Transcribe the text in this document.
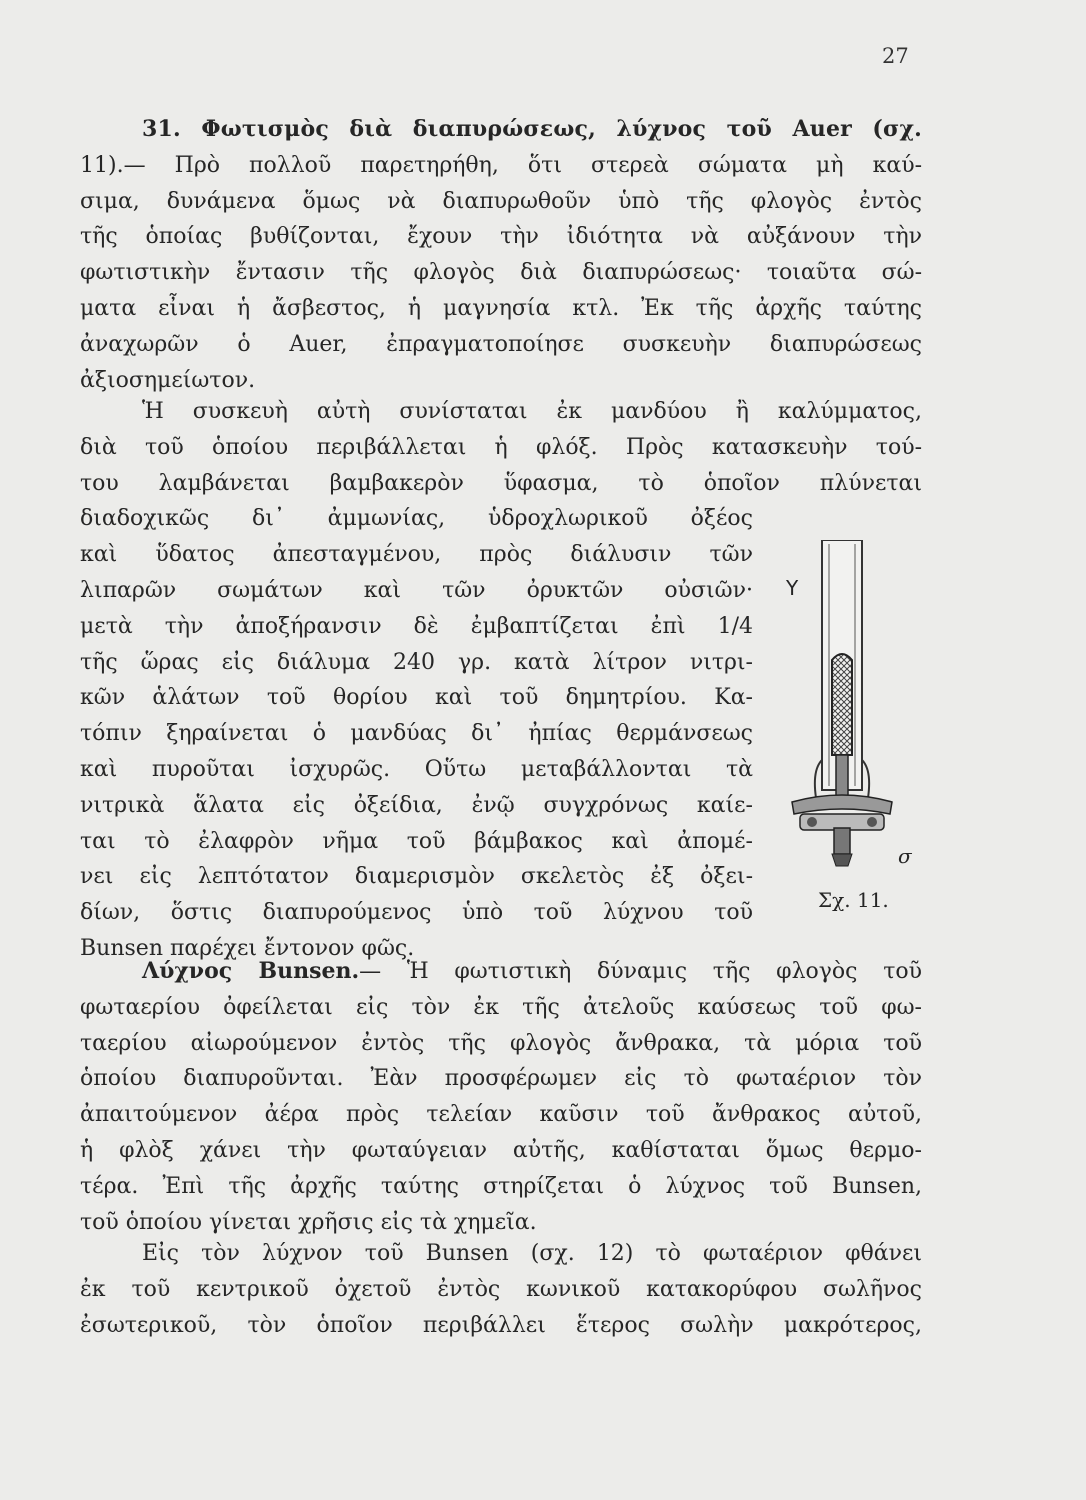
27
31. Φωτισμὸς διὰ διαπυρώσεως, λύχνος τοῦ Auer (σχ.
11).— Πρὸ πολλοῦ παρετηρήθη, ὅτι στερεὰ σώματα μὴ καύ-
σιμα, δυνάμενα ὅμως νὰ διαπυρωθοῦν ὑπὸ τῆς φλογὸς ἐντὸς
τῆς ὁποίας βυθίζονται, ἔχουν τὴν ἰδιότητα νὰ αὐξάνουν τὴν
φωτιστικὴν ἔντασιν τῆς φλογὸς διὰ διαπυρώσεως· τοιαῦτα σώ-
ματα εἶναι ἡ ἄσβεστος, ἡ μαγνησία κτλ. Ἐκ τῆς ἀρχῆς ταύτης
ἀναχωρῶν ὁ Auer, ἐπραγματοποίησε συσκευὴν διαπυρώσεως
ἀξιοσημείωτον.
Ἡ συσκευὴ αὐτὴ συνίσταται ἐκ μανδύου ἢ καλύμματος,
διὰ τοῦ ὁποίου περιβάλλεται ἡ φλόξ. Πρὸς κατασκευὴν τού-
του λαμβάνεται βαμβακερὸν ὕφασμα, τὸ ὁποῖον πλύνεται
διαδοχικῶς δι᾽ ἀμμωνίας, ὑδροχλωρικοῦ ὀξέος
καὶ ὕδατος ἀπεσταγμένου, πρὸς διάλυσιν τῶν
λιπαρῶν σωμάτων καὶ τῶν ὀρυκτῶν οὐσιῶν·
μετὰ τὴν ἀποξήρανσιν δὲ ἐμβαπτίζεται ἐπὶ 1/4
τῆς ὥρας εἰς διάλυμα 240 γρ. κατὰ λίτρον νιτρι-
κῶν ἁλάτων τοῦ θορίου καὶ τοῦ δημητρίου. Κα-
τόπιν ξηραίνεται ὁ μανδύας δι᾽ ἠπίας θερμάνσεως
καὶ πυροῦται ἰσχυρῶς. Οὕτω μεταβάλλονται τὰ
νιτρικὰ ἅλατα εἰς ὀξείδια, ἐνῷ συγχρόνως καίε-
ται τὸ ἐλαφρὸν νῆμα τοῦ βάμβακος καὶ ἀπομέ-
νει εἰς λεπτότατον διαμερισμὸν σκελετὸς ἐξ ὀξει-
δίων, ὅστις διαπυρούμενος ὑπὸ τοῦ λύχνου τοῦ
Bunsen παρέχει ἔντονον φῶς.
Y
σ
Σχ. 11.
Λύχνος Bunsen.— Ἡ φωτιστικὴ δύναμις τῆς φλογὸς τοῦ
φωταερίου ὀφείλεται εἰς τὸν ἐκ τῆς ἀτελοῦς καύσεως τοῦ φω-
ταερίου αἰωρούμενον ἐντὸς τῆς φλογὸς ἄνθρακα, τὰ μόρια τοῦ
ὁποίου διαπυροῦνται. Ἐὰν προσφέρωμεν εἰς τὸ φωταέριον τὸν
ἀπαιτούμενον ἀέρα πρὸς τελείαν καῦσιν τοῦ ἄνθρακος αὐτοῦ,
ἡ φλὸξ χάνει τὴν φωταύγειαν αὐτῆς, καθίσταται ὅμως θερμο-
τέρα. Ἐπὶ τῆς ἀρχῆς ταύτης στηρίζεται ὁ λύχνος τοῦ Bunsen,
τοῦ ὁποίου γίνεται χρῆσις εἰς τὰ χημεῖα.
Εἰς τὸν λύχνον τοῦ Bunsen (σχ. 12) τὸ φωταέριον φθάνει
ἐκ τοῦ κεντρικοῦ ὀχετοῦ ἐντὸς κωνικοῦ κατακορύφου σωλῆνος
ἐσωτερικοῦ, τὸν ὁποῖον περιβάλλει ἕτερος σωλὴν μακρότερος,
